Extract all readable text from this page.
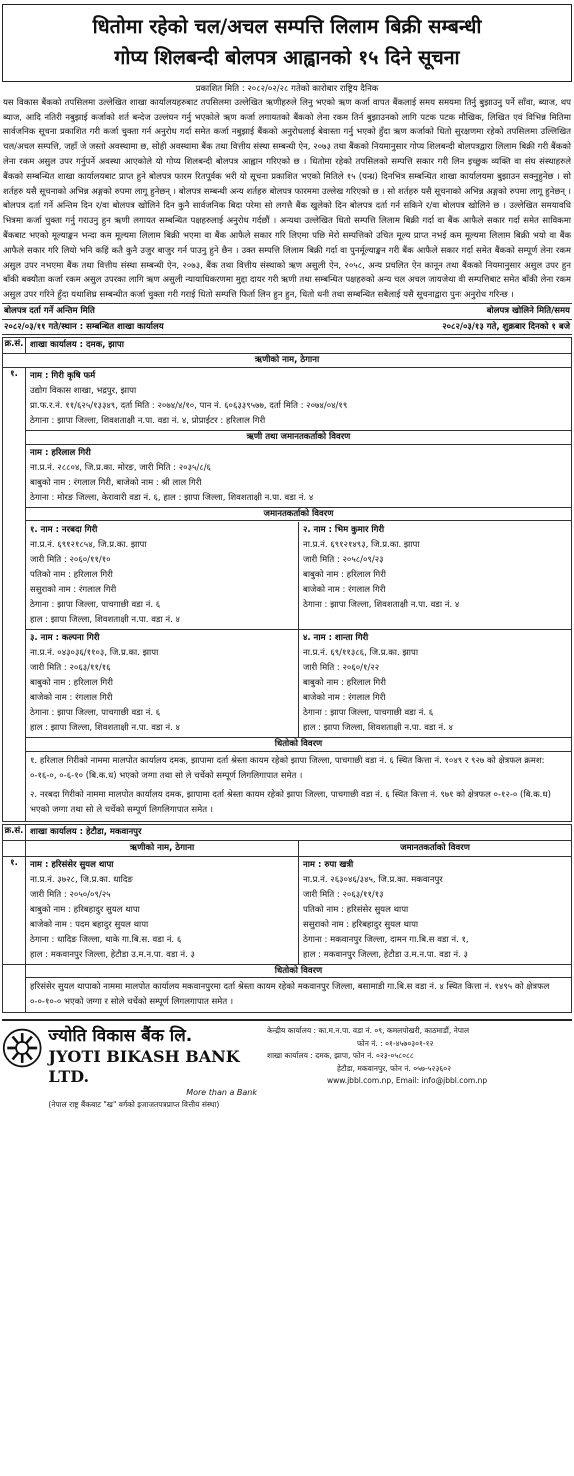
धितोमा रहेको चल/अचल सम्पत्ति लिलाम बिक्री सम्बन्धी
गोप्य शिलबन्दी बोलपत्र आह्वानको १५ दिने सूचना
प्रकाशित मिति : २०८२/०२/२८ गतेको कारोबार राष्ट्रिय दैनिक
यस विकास बैंकको तपसिलमा उल्लेखित शाखा कार्यालयहरुबाट तपसिलमा उल्लेखित ऋणीहरुले लिनु भएको ऋण कर्जा वापत बैंकलाई समय समयमा तिर्नु बुझाउनु पर्ने साँवा, ब्याज, थप ब्याज, आदि नतिरी नबुझाई कर्जाको शर्त बन्देज उल्लंघन गर्नु भएकोले ऋण कर्जा लगायतको बैंकको लेना रकम तिर्न बुझाउनको लागि पटक पटक मौखिक, लिखित एवं विभिन्न मितिमा सार्वजनिक सूचना प्रकाशित गरी कर्जा चुक्ता गर्न अनुरोध गर्दा समेत कर्जा नबुझाई बैंकको अनुरोधलाई बेवास्ता गर्नु भएको हुँदा ऋण कर्जाको धितो सुरक्षणमा रहेको तपसिलमा उल्लिखित चल/अचल सम्पत्ति, जहाँ जे जस्तो अवस्थामा छ, सोही अवस्थामा बैंक तथा वित्तीय संस्था सम्बन्धी ऐन, २०७३ तथा बैंकको नियमानुसार गोप्य शिलबन्दी बोलपत्रद्वारा लिलाम बिक्री गरी बैंकको लेना रकम असुल उपर गर्नुपर्ने अवस्था आएकोले यो गोप्य शिलबन्दी बोलपत्र आह्वान गरिएको छ । धितोमा रहेको तपसिलको सम्पत्ति सकार गरी लिन इच्छुक व्यक्ति वा संघ संस्थाहरुले बैंकको सम्बन्धित शाखा कार्यालयबाट प्राप्त हुने बोलपत्र फारम रितपूर्वक भरी यो सूचना प्रकाशित भएको मितिले १५ (पन्ध्र) दिनभित्र सम्बन्धित शाखा कार्यालयमा बुझाउन सक्नुहुनेछ । सो शर्तहरु यसै सूचनाको अभिन्न अङ्गको रुपमा लागू हुनेछन् । बोलपत्र सम्बन्धी अन्य शर्तहरु बोलपत्र फारममा उल्लेख गरिएको छ । सो शर्तहरु यसै सूचनाको अभिन्न अङ्गको रुपमा लागू हुनेछन् । बोलपत्र दर्ता गर्ने अन्तिम दिन र/वा बोलपत्र खोलिने दिन कुनै सार्वजनिक बिदा परेमा सो लगत्तै बैंक खुलेको दिन बोलपत्र दर्ता गर्न सकिने र/वा बोलपत्र खोलिने छ । उल्लेखित समयावधि भित्रमा कर्जा चुक्ता गर्नु गराउनु हुन ऋणी लगायत सम्बन्धित पक्षहरुलाई अनुरोध गर्दछौं । अन्यथा उल्लेखित धितो सम्पत्ति लिलाम बिक्री गर्दा वा बैंक आफैले सकार गर्दा समेत साविकमा बैंकबाट भएको मूल्याङ्कन भन्दा कम मूल्यमा लिलाम बिक्री भएमा वा बैंक आफैले सकार गरि लिएमा पछि मेरो सम्पत्तिको उचित मूल्य प्राप्त नभई कम मूल्यमा लिलाम बिक्री भयो वा बैंक आफैले सकार गरि लियो भनि कहिं कतै कुनै उजुर बाजुर गर्न पाउनु हुने छैन । उक्त सम्पत्ति लिलाम बिक्री गर्दा वा पुनर्मूल्याङ्कन गरी बैंक आफैले सकार गर्दा समेत बैंकको सम्पूर्ण लेना रकम असुल उपर नभएमा बैंक तथा वित्तीय संस्था सम्बन्धी ऐन, २०७३, बैंक तथा वित्तीय संस्थाको ऋण असुली ऐन, २०५८, अन्य प्रचलित ऐन कानून तथा बैंकको नियमानुसार असुल उपर हुन बाँकी बक्यौता कर्जा रकम असुल उपरका लागि ऋण असुली न्यायाधिकरणमा मुद्दा दायर गरी ऋणी तथा सम्बन्धित पक्षहरुको अन्य चल अचल जायजेथा वी सम्पत्तिबाट समेत बाँकी लेना रकम असुल उपर गरिने हुँदा यथाशिघ्र सम्बन्धीत कर्जा चुक्ता गरी गराई धितो सम्पत्ति फिर्ता लिन हुन हुन, धितो धनी तथा सम्बन्धित सबैलाई यसै सूचनाद्वारा पुनः अनुरोध गरिन्छ ।
बोलपत्र दर्ता गर्ने अन्तिम मिति	बोलपत्र खोलिने मिति/समय
२०८२/०३/११ गते/स्थान : सम्बन्धित शाखा कार्यालय	२०८२/०३/१३ गते, शुक्रबार दिनको १ बजे
क्र.सं. शाखा कार्यालय : दमक, झापा
ऋणीको नाम, ठेगाना
१.	नाम : गिरी कृषि फर्म
उद्योग विकास शाखा, भद्रपुर, झापा
प्रा.फ.र.नं. ११/६२५/१३३४९, दर्ता मिति : २०७४/४/१०, पान नं. ६०६३३९५७७, दर्ता मिति : २०७४/०४/१९
ठेगाना : झापा जिल्ला, शिवशताक्षी न.पा. वडा नं. ४, प्रोप्राईटर : हरिलाल गिरी
ऋणी तथा जमानतकर्ताको विवरण
नाम : हरिलाल गिरी
ना.प्र.नं. २८८०४, जि.प्र.का. मोरङ, जारी मिति : २०३५/८/६
बाबुको नाम : रंगलाल गिरी, बाजेको नाम : श्री लाल गिरी
ठेगाना : मोरङ जिल्ला, केरावारी वडा नं. ६, हाल : झापा जिल्ला, शिवशताक्षी न.पा. वडा नं. ४
जमानतकर्ताको विवरण
१. नाम : नरबदा गिरी
ना.प्र.नं. ६९१२१८५४, जि.प्र.का. झापा
जारी मिति : २०६०/११/१०
पतिको नाम : हरिलाल गिरी
ससुराको नाम : रंगलाल गिरी
ठेगाना : झापा जिल्ला, पाचगाछी वडा नं. ६
हाल : झापा जिल्ला, शिवशताक्षी न.पा. वडा नं. ४
२. नाम : भिम कुमार गिरी
ना.प्र.नं. ६९१२१४९३, जि.प्र.का. झापा
जारी मिति : २०५८/०९/२३
बाबुको नाम : हरिलाल गिरी
बाजेको नाम : रंगलाल गिरी
ठेगाना : झापा जिल्ला, शिवशताक्षी न.पा. वडा नं. ४
३. नाम : कल्पना गिरी
ना.प्र.नं. ०४३०३६/११०३, जि.प्र.का. झापा
जारी मिति : २०६३/११/१६
बाबुको नाम : हरिलाल गिरी
बाजेको नाम : रंगलाल गिरी
ठेगाना : झापा जिल्ला, पाचगाछी वडा नं. ६
हाल : झापा जिल्ला, शिवशताक्षी न.पा. वडा नं. ४
४. नाम : शान्ता गिरी
ना.प्र.नं. ६९/११३८६, जि.प्र.का. झापा
जारी मिति : २०६०/१/२२
बाबुको नाम : हरिलाल गिरी
बाजेको नाम : रंगलाल गिरी
ठेगाना : झापा जिल्ला, पाचगाछी वडा नं. ६
हाल : झापा जिल्ला, शिवशताक्षी न.पा. वडा नं. ४
धितोको विवरण
१. हरिलाल गिरीको नाममा मालपोत कार्यालय दमक, झापामा दर्ता श्रेस्ता कायम रहेको झापा जिल्ला, पाचगाछी वडा नं. ६ स्थित कित्ता नं. १०४९ र ९२७ को क्षेत्रफल क्रमश: ०-१६-०, ०-६-१० (बि.क.ध) भएको जग्गा तथा सो ले चर्चेको सम्पूर्ण लिगलिगापात समेत ।
२. नरबदा गिरीको नाममा मालपोत कार्यालय दमक, झापामा दर्ता श्रेस्ता कायम रहेको झापा जिल्ला, पाचगाछी वडा नं. ६ स्थित कित्ता नं. ९७१ को क्षेत्रफल ०-१२-० (बि.क.ध) भएको जग्गा तथा सो ले चर्चेको सम्पूर्ण लिगलिगापात समेत ।
क्र.सं. शाखा कार्यालय : हेटौडा, मकवानपुर
ऋणीको नाम, ठेगाना	जमानतकर्ताको विवरण
१.	नाम : हरिसंसेर सुयल थापा
ना.प्र.नं. ३७२८, जि.प्र.का. धादिङ
जारी मिति : २०५०/०९/२५
बाबुको नाम : हरिबहादुर सुयल थापा
बाजेको नाम : पदम बहादुर सुयल थापा
ठेगाना : धादिङ जिल्ला, थाके गा.बि.स. वडा नं. ६
हाल : मकवानपुर जिल्ला, हेटौडा उ.म.न.पा. वडा नं. ३
नाम : रुपा खत्री
ना.प्र.नं. २६३०४६/३४५, जि.प्र.का. मकवानपुर
जारी मिति : २०६३/११/१३
पतिको नाम : हरिसंसेर सुयल थापा
ससुराको नाम : हरिबहादुर सुयल थापा
ठेगाना : मकवानपुर जिल्ला, दामन गा.बि.स वडा नं. १,
हाल : मकवानपुर जिल्ला, हेटौडा उ.म.न.पा. वडा नं. ३
धितोको विवरण
हरिसंसेर सुयल थापाको नाममा मालपोत कार्यालय मकवानपुरमा दर्ता श्रेस्ता कायम रहेको मकवानपुर जिल्ला, बसामाडी गा.बि.स वडा नं. ४ स्थित कित्ता नं. १४९५ को क्षेत्रफल ०-०-१०-० भएको जग्गा र सोले चर्चेको सम्पूर्ण लिगलगापात समेत ।
ज्योति विकास बैंक लि.
JYOTI BIKASH BANK LTD.
More than a Bank
(नेपाल राष्ट्र बैंकबाट "ख" वर्गको इजाजतपत्रप्राप्त वित्तीय संस्था)
केन्द्रीय कार्यालय : का.म.न.पा. वडा नं. ०९, कमलपोखरी, काठमाडौं, नेपाल
फोन नं. : ०१-४५७०३०१-१२
शाखा कार्यालय : दमक, झापा, फोन नं. ०२३-०५८०८८
हेटौडा, मकवानपुर, फोन नं. ०५७-५२३६०२
www.jbbl.com.np, Email: info@jbbl.com.np
